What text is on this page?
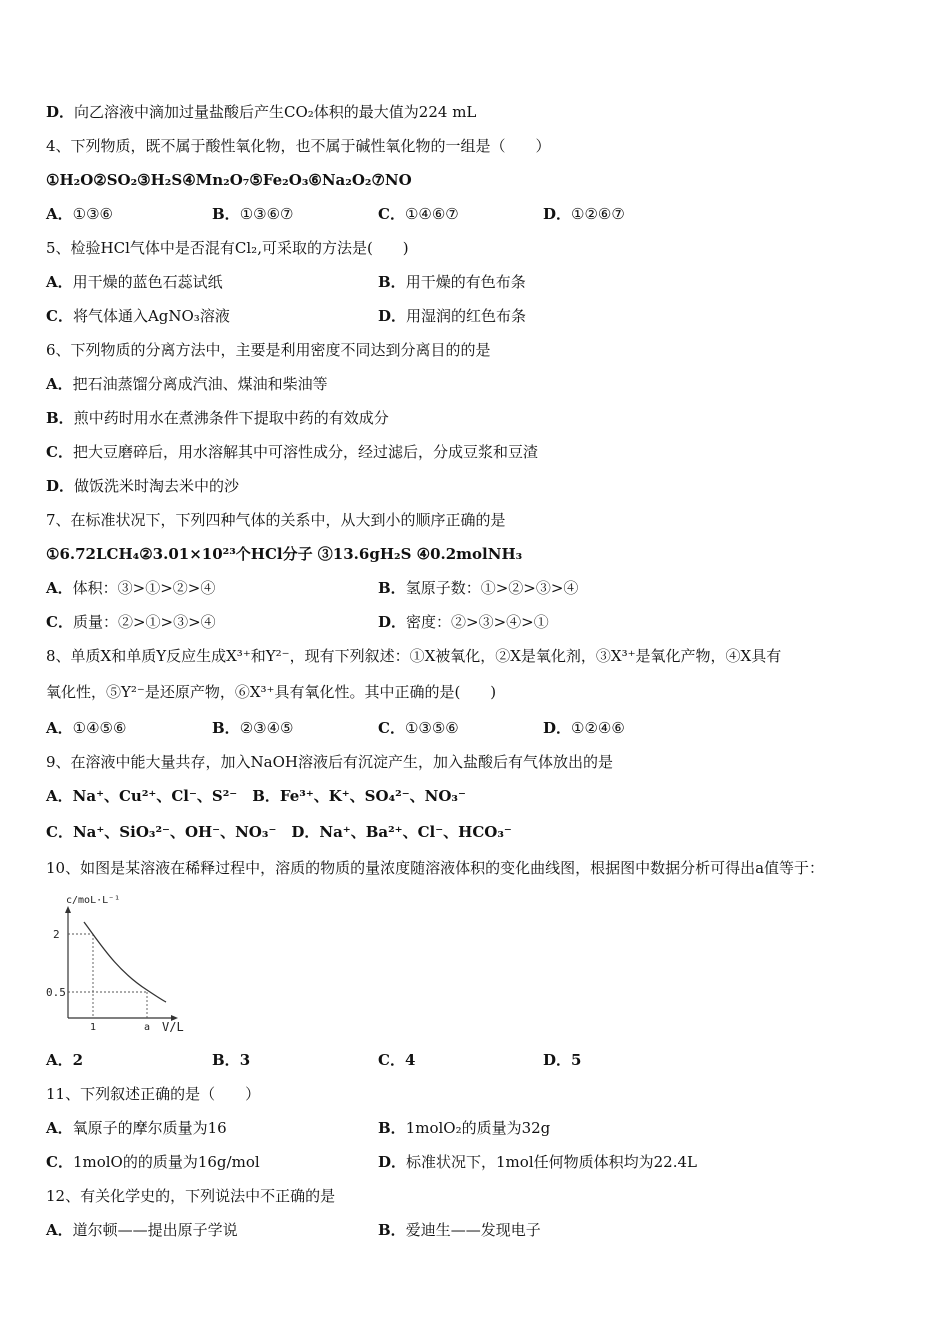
D．向乙溶液中滴加过量盐酸后产生CO₂体积的最大值为224 mL
4、下列物质，既不属于酸性氧化物，也不属于碱性氧化物的一组是（　　）
①H₂O②SO₂③H₂S④Mn₂O₇⑤Fe₂O₃⑥Na₂O₂⑦NO
A．①③⑥	B．①③⑥⑦	C．①④⑥⑦	D．①②⑥⑦
5、检验HCl气体中是否混有Cl₂,可采取的方法是(　　)
A．用干燥的蓝色石蕊试纸	B．用干燥的有色布条
C．将气体通入AgNO₃溶液	D．用湿润的红色布条
6、下列物质的分离方法中，主要是利用密度不同达到分离目的的是
A．把石油蒸馏分离成汽油、煤油和柴油等
B．煎中药时用水在煮沸条件下提取中药的有效成分
C．把大豆磨碎后，用水溶解其中可溶性成分，经过滤后，分成豆浆和豆渣
D．做饭洗米时淘去米中的沙
7、在标准状况下，下列四种气体的关系中，从大到小的顺序正确的是
①6.72LCH₄②3.01×10²³个HCl分子 ③13.6gH₂S ④0.2molNH₃
A．体积：③>①>②>④	B．氢原子数：①>②>③>④
C．质量：②>①>③>④	D．密度：②>③>④>①
8、单质X和单质Y反应生成X³⁺和Y²⁻，现有下列叙述：①X被氧化，②X是氧化剂，③X³⁺是氧化产物，④X具有
氧化性，⑤Y²⁻是还原产物，⑥X³⁺具有氧化性。其中正确的是(　　)
A．①④⑤⑥	B．②③④⑤	C．①③⑤⑥	D．①②④⑥
9、在溶液中能大量共存，加入NaOH溶液后有沉淀产生，加入盐酸后有气体放出的是
A．Na⁺、Cu²⁺、Cl⁻、S²⁻　B．Fe³⁺、K⁺、SO₄²⁻、NO₃⁻
C．Na⁺、SiO₃²⁻、OH⁻、NO₃⁻　D．Na⁺、Ba²⁺、Cl⁻、HCO₃⁻
10、如图是某溶液在稀释过程中，溶质的物质的量浓度随溶液体积的变化曲线图，根据图中数据分析可得出a值等于：
c/moL·L⁻¹
2
0.5
1	a V/L
A．2	B．3	C．4	D．5
11、下列叙述正确的是（　　）
A．氧原子的摩尔质量为16	B．1molO₂的质量为32g
C．1molO的的质量为16g/mol	D．标准状况下，1mol任何物质体积均为22.4L
12、有关化学史的，下列说法中不正确的是
A．道尔顿——提出原子学说	B．爱迪生——发现电子
